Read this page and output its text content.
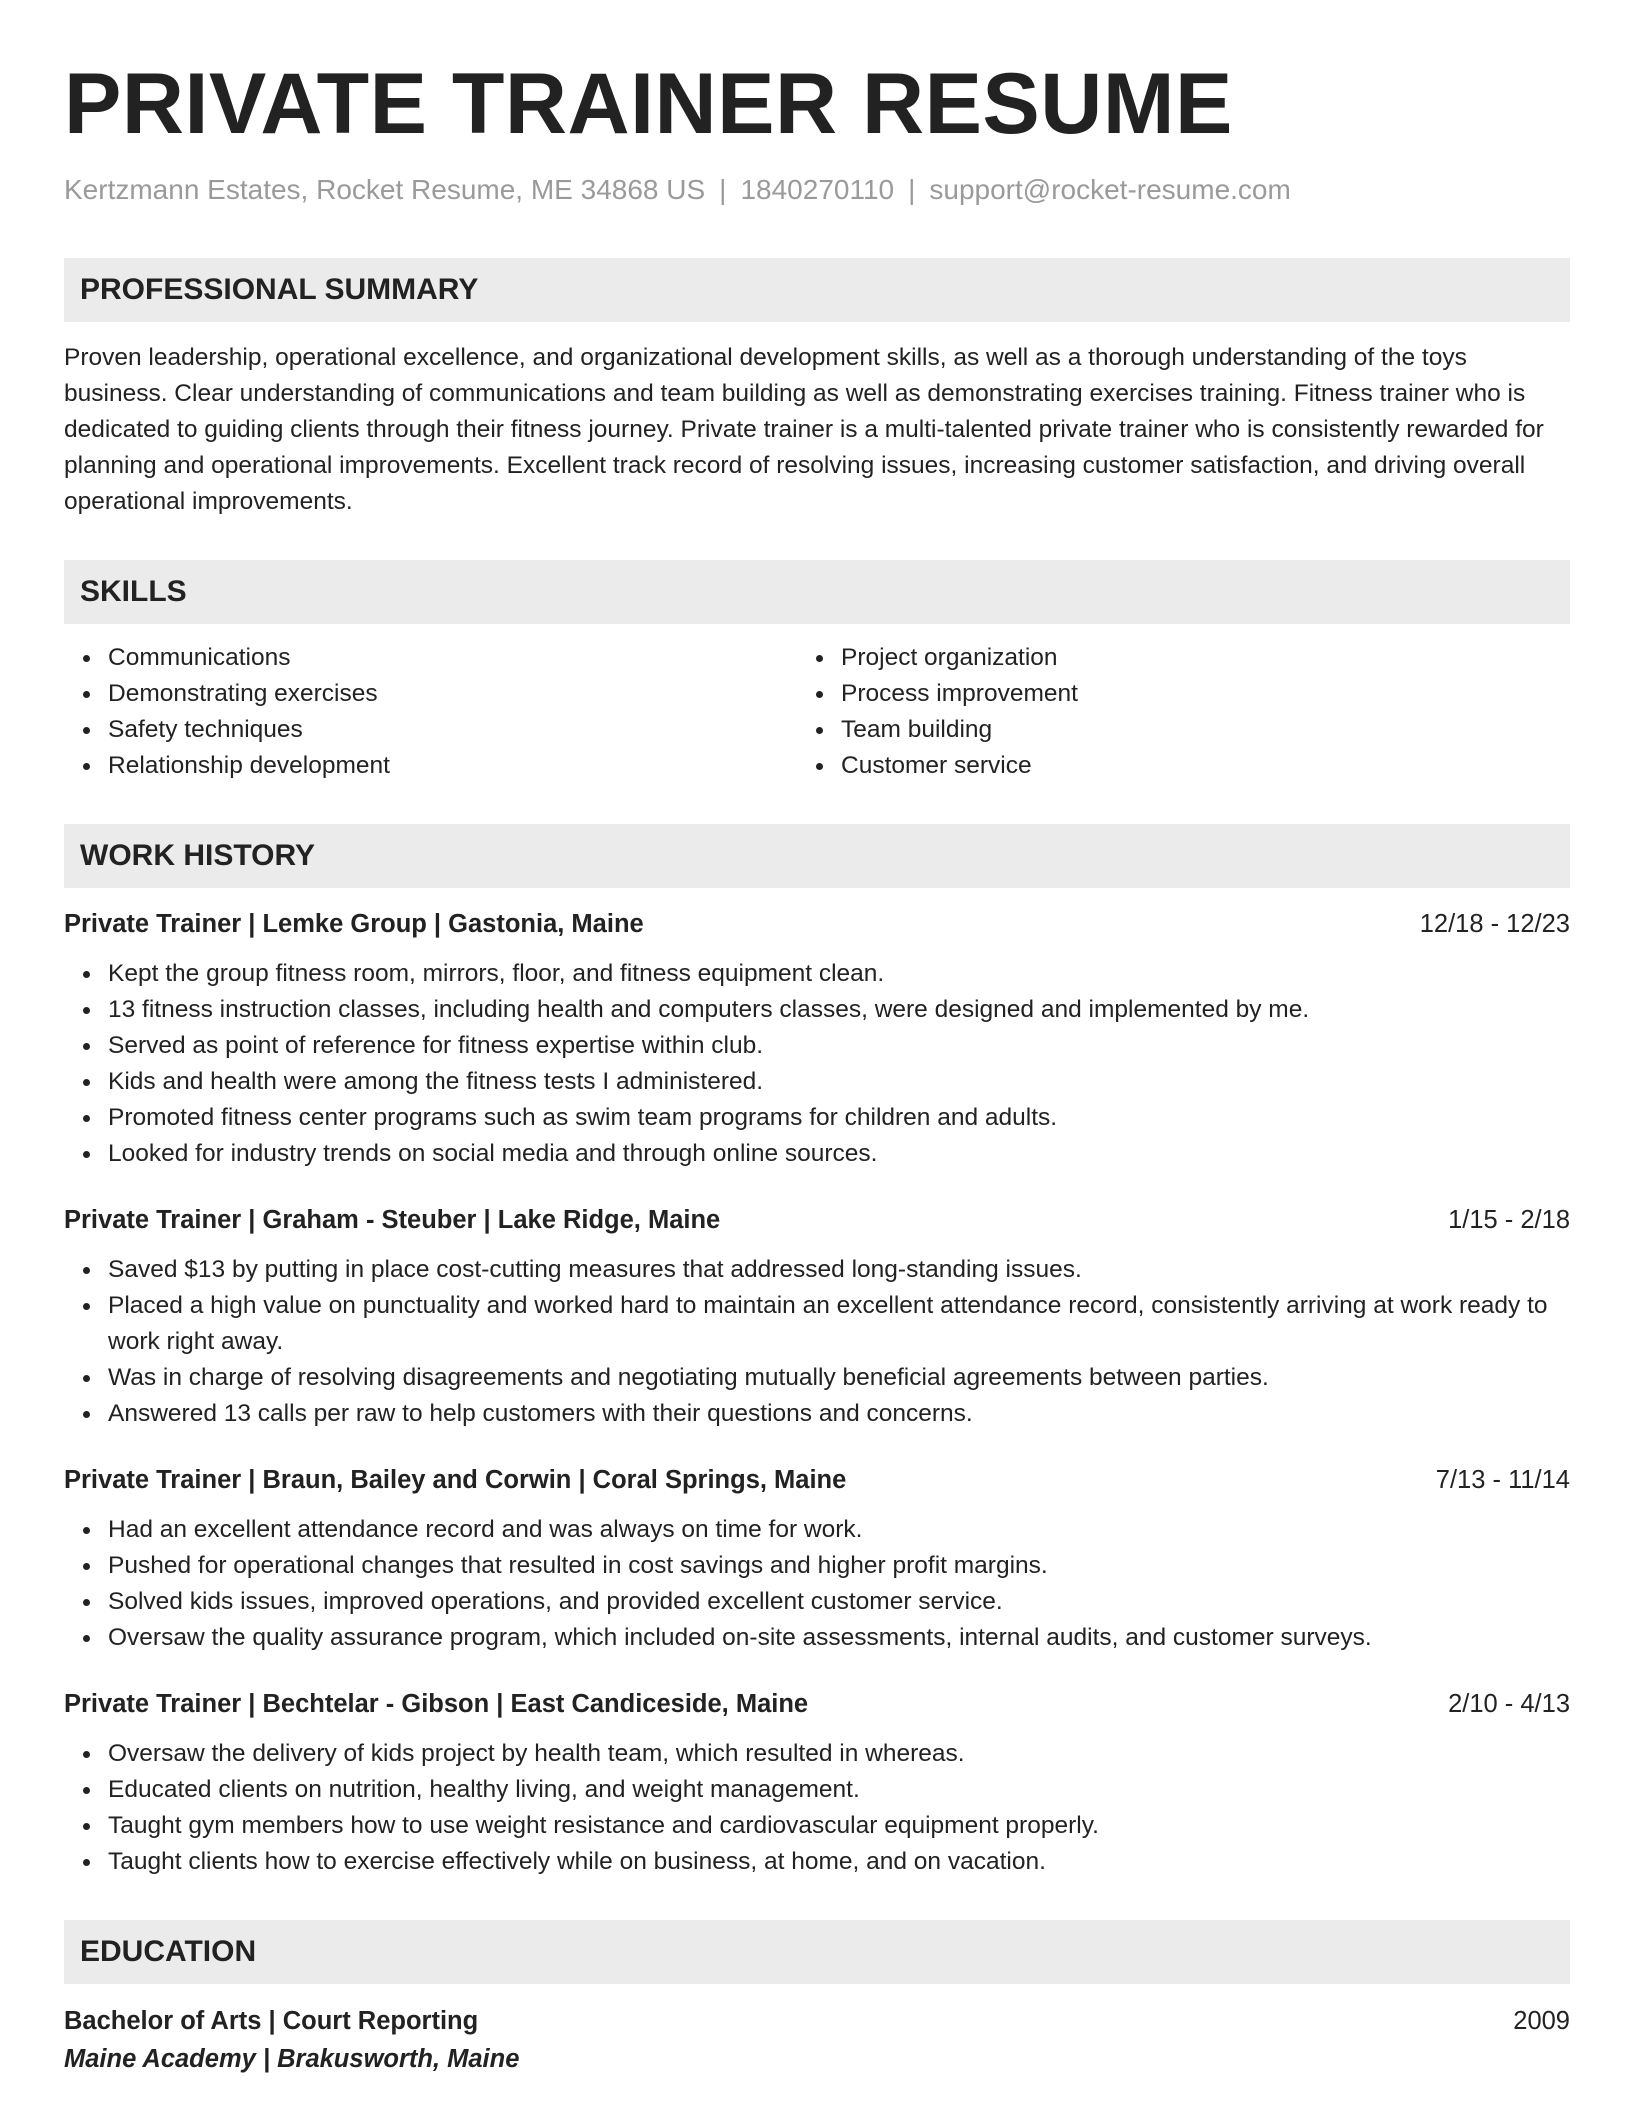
PRIVATE TRAINER RESUME
Kertzmann Estates, Rocket Resume, ME 34868 US | 1840270110 | support@rocket-resume.com
PROFESSIONAL SUMMARY
Proven leadership, operational excellence, and organizational development skills, as well as a thorough understanding of the toys business. Clear understanding of communications and team building as well as demonstrating exercises training. Fitness trainer who is dedicated to guiding clients through their fitness journey. Private trainer is a multi-talented private trainer who is consistently rewarded for planning and operational improvements. Excellent track record of resolving issues, increasing customer satisfaction, and driving overall operational improvements.
SKILLS
Communications
Demonstrating exercises
Safety techniques
Relationship development
Project organization
Process improvement
Team building
Customer service
WORK HISTORY
Private Trainer | Lemke Group | Gastonia, Maine	12/18 - 12/23
Kept the group fitness room, mirrors, floor, and fitness equipment clean.
13 fitness instruction classes, including health and computers classes, were designed and implemented by me.
Served as point of reference for fitness expertise within club.
Kids and health were among the fitness tests I administered.
Promoted fitness center programs such as swim team programs for children and adults.
Looked for industry trends on social media and through online sources.
Private Trainer | Graham - Steuber | Lake Ridge, Maine	1/15 - 2/18
Saved $13 by putting in place cost-cutting measures that addressed long-standing issues.
Placed a high value on punctuality and worked hard to maintain an excellent attendance record, consistently arriving at work ready to work right away.
Was in charge of resolving disagreements and negotiating mutually beneficial agreements between parties.
Answered 13 calls per raw to help customers with their questions and concerns.
Private Trainer | Braun, Bailey and Corwin | Coral Springs, Maine	7/13 - 11/14
Had an excellent attendance record and was always on time for work.
Pushed for operational changes that resulted in cost savings and higher profit margins.
Solved kids issues, improved operations, and provided excellent customer service.
Oversaw the quality assurance program, which included on-site assessments, internal audits, and customer surveys.
Private Trainer | Bechtelar - Gibson | East Candiceside, Maine	2/10 - 4/13
Oversaw the delivery of kids project by health team, which resulted in whereas.
Educated clients on nutrition, healthy living, and weight management.
Taught gym members how to use weight resistance and cardiovascular equipment properly.
Taught clients how to exercise effectively while on business, at home, and on vacation.
EDUCATION
Bachelor of Arts | Court Reporting	2009
Maine Academy | Brakusworth, Maine
